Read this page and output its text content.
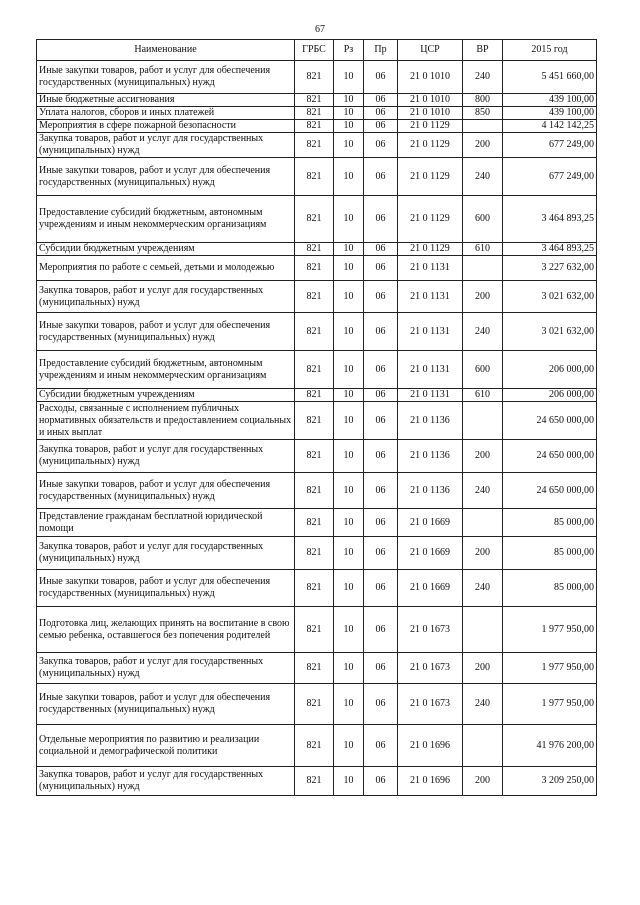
67
Наименование	ГРБС	Рз	Пр	ЦСР	ВР	2015 год
Иные закупки товаров, работ и услуг для обеспечения государственных (муниципальных) нужд	821	10	06	21 0 1010	240	5 451 660,00
Иные бюджетные ассигнования	821	10	06	21 0 1010	800	439 100,00
Уплата налогов, сборов и иных платежей	821	10	06	21 0 1010	850	439 100,00
Мероприятия в сфере пожарной безопасности	821	10	06	21 0 1129		4 142 142,25
Закупка товаров, работ и услуг для государственных (муниципальных) нужд	821	10	06	21 0 1129	200	677 249,00
Иные закупки товаров, работ и услуг для обеспечения государственных (муниципальных) нужд	821	10	06	21 0 1129	240	677 249,00
Предоставление субсидий бюджетным, автономным учреждениям и иным некоммерческим организациям	821	10	06	21 0 1129	600	3 464 893,25
Субсидии бюджетным учреждениям	821	10	06	21 0 1129	610	3 464 893,25
Мероприятия по работе с семьей, детьми и молодежью	821	10	06	21 0 1131		3 227 632,00
Закупка товаров, работ и услуг для государственных (муниципальных) нужд	821	10	06	21 0 1131	200	3 021 632,00
Иные закупки товаров, работ и услуг для обеспечения государственных (муниципальных) нужд	821	10	06	21 0 1131	240	3 021 632,00
Предоставление субсидий бюджетным, автономным учреждениям и иным некоммерческим организациям	821	10	06	21 0 1131	600	206 000,00
Субсидии бюджетным учреждениям	821	10	06	21 0 1131	610	206 000,00
Расходы, связанные с исполнением публичных нормативных обязательств и предоставлением социальных и иных выплат	821	10	06	21 0 1136		24 650 000,00
Закупка товаров, работ и услуг для государственных (муниципальных) нужд	821	10	06	21 0 1136	200	24 650 000,00
Иные закупки товаров, работ и услуг для обеспечения государственных (муниципальных) нужд	821	10	06	21 0 1136	240	24 650 000,00
Представление гражданам бесплатной юридической помощи	821	10	06	21 0 1669		85 000,00
Закупка товаров, работ и услуг для государственных (муниципальных) нужд	821	10	06	21 0 1669	200	85 000,00
Иные закупки товаров, работ и услуг для обеспечения государственных (муниципальных) нужд	821	10	06	21 0 1669	240	85 000,00
Подготовка лиц, желающих принять на воспитание в свою семью ребенка, оставшегося без попечения родителей	821	10	06	21 0 1673		1 977 950,00
Закупка товаров, работ и услуг для государственных (муниципальных) нужд	821	10	06	21 0 1673	200	1 977 950,00
Иные закупки товаров, работ и услуг для обеспечения государственных (муниципальных) нужд	821	10	06	21 0 1673	240	1 977 950,00
Отдельные мероприятия по развитию и реализации социальной и демографической политики	821	10	06	21 0 1696		41 976 200,00
Закупка товаров, работ и услуг для государственных (муниципальных) нужд	821	10	06	21 0 1696	200	3 209 250,00
